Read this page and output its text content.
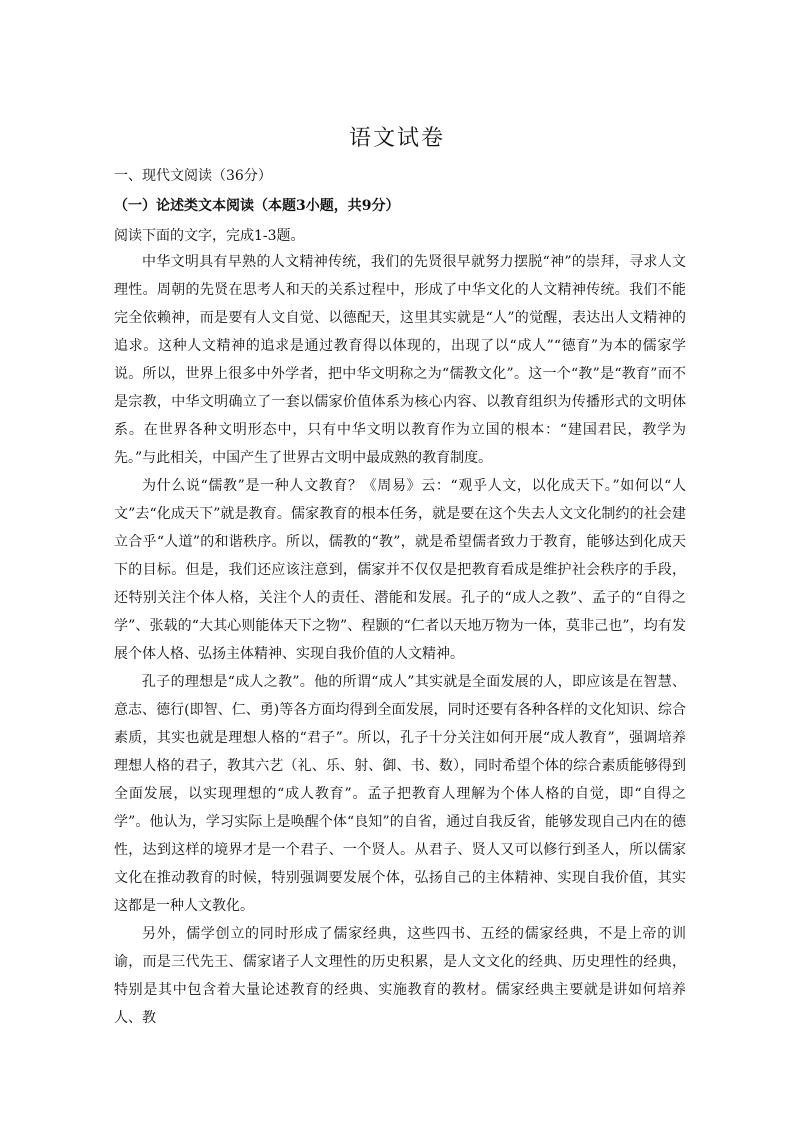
语文试卷
一、现代文阅读（36分）
（一）论述类文本阅读（本题3小题，共9分）
阅读下面的文字，完成1-3题。

中华文明具有早熟的人文精神传统，我们的先贤很早就努力摆脱“神”的崇拜，寻求人文理性。周朝的先贤在思考人和天的关系过程中，形成了中华文化的人文精神传统。我们不能完全依赖神，而是要有人文自觉、以德配天，这里其实就是“人”的觉醒，表达出人文精神的追求。这种人文精神的追求是通过教育得以体现的，出现了以“成人”“德育”为本的儒家学说。所以，世界上很多中外学者，把中华文明称之为“儒教文化”。这一个“教”是“教育”而不是宗教，中华文明确立了一套以儒家价值体系为核心内容、以教育组织为传播形式的文明体系。在世界各种文明形态中，只有中华文明以教育作为立国的根本：“建国君民，教学为先。”与此相关，中国产生了世界古文明中最成熟的教育制度。

为什么说“儒教”是一种人文教育？《周易》云：“观乎人文，以化成天下。”如何以“人文”去“化成天下”就是教育。儒家教育的根本任务，就是要在这个失去人文文化制约的社会建立合乎“人道”的和谐秩序。所以，儒教的“教”，就是希望儒者致力于教育，能够达到化成天下的目标。但是，我们还应该注意到，儒家并不仅仅是把教育看成是维护社会秩序的手段，还特别关注个体人格，关注个人的责任、潜能和发展。孔子的“成人之教”、孟子的“自得之学”、张载的“大其心则能体天下之物”、程颢的“仁者以天地万物为一体，莫非己也”，均有发展个体人格、弘扬主体精神、实现自我价值的人文精神。

孔子的理想是“成人之教”。他的所谓“成人”其实就是全面发展的人，即应该是在智慧、意志、德行(即智、仁、勇)等各方面均得到全面发展，同时还要有各种各样的文化知识、综合素质，其实也就是理想人格的“君子”。所以，孔子十分关注如何开展“成人教育”，强调培养理想人格的君子，教其六艺（礼、乐、射、御、书、数），同时希望个体的综合素质能够得到全面发展，以实现理想的“成人教育”。孟子把教育人理解为个体人格的自觉，即“自得之学”。他认为，学习实际上是唤醒个体“良知”的自省，通过自我反省，能够发现自己内在的德性，达到这样的境界才是一个君子、一个贤人。从君子、贤人又可以修行到圣人，所以儒家文化在推动教育的时候，特别强调要发展个体，弘扬自己的主体精神、实现自我价值，其实这都是一种人文教化。

另外，儒学创立的同时形成了儒家经典，这些四书、五经的儒家经典，不是上帝的训谕，而是三代先王、儒家诸子人文理性的历史积累，是人文文化的经典、历史理性的经典，特别是其中包含着大量论述教育的经典、实施教育的教材。儒家经典主要就是讲如何培养人、教
